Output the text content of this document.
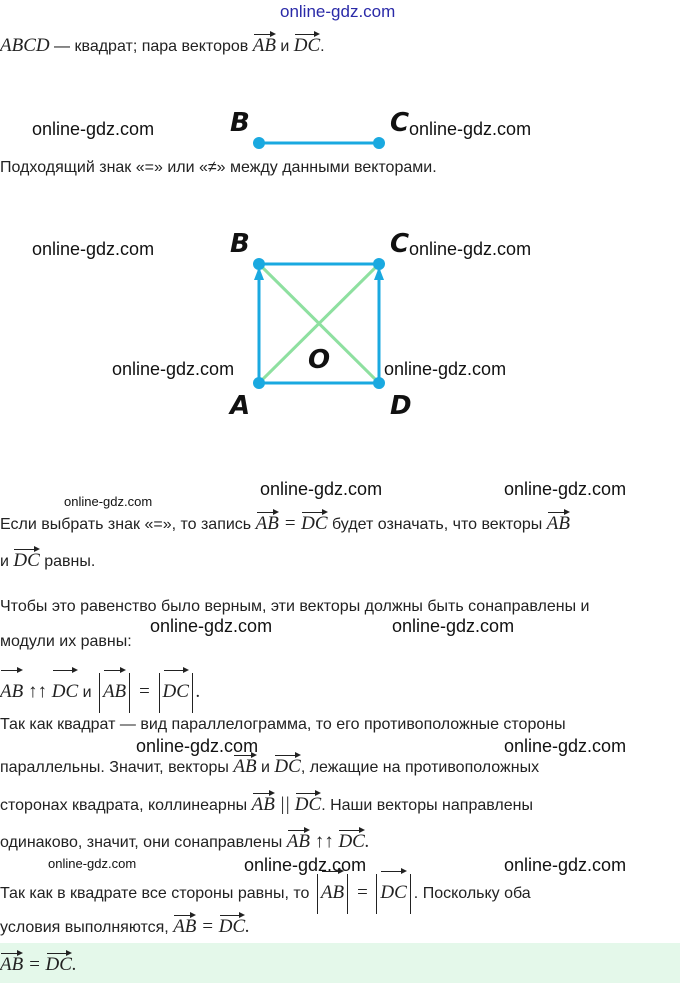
online-gdz.com
ABCD — квадрат; пара векторов AB и DC.
B	C
online-gdz.com	online-gdz.com
Подходящий знак «=» или «≠» между данными векторами.
B	C
A	D
O
online-gdz.com	online-gdz.com
online-gdz.com	online-gdz.com
online-gdz.com
online-gdz.com	online-gdz.com
Если выбрать знак «=», то запись AB = DC будет означать, что векторы AB
и DC равны.
Чтобы это равенство было верным, эти векторы должны быть сонаправлены и
online-gdz.com	online-gdz.com
модули их равны:
AB ↑↑ DC и AB = DC .
Так как квадрат — вид параллелограмма, то его противоположные стороны
параллельны. Значит, векторы AB и DC, лежащие на противоположных
online-gdz.com	online-gdz.com
сторонах квадрата, коллинеарны AB || DC. Наши векторы направлены
одинаково, значит, они сонаправлены AB ↑↑ DC.
online-gdz.com	online-gdz.com	online-gdz.com
Так как в квадрате все стороны равны, то AB = DC . Поскольку оба
условия выполняются, AB = DC.
AB = DC.
